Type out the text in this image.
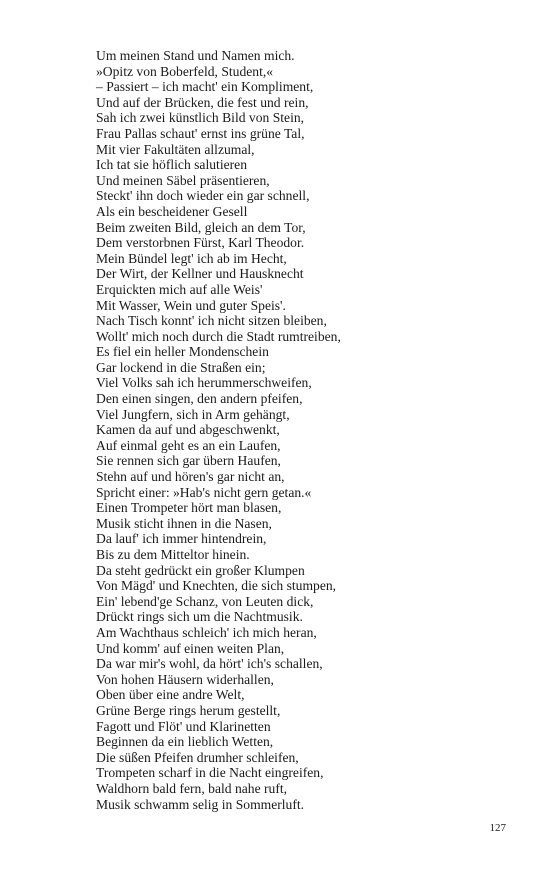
Um meinen Stand und Namen mich.
»Opitz von Boberfeld, Student,«
– Passiert – ich macht' ein Kompliment,
Und auf der Brücken, die fest und rein,
Sah ich zwei künstlich Bild von Stein,
Frau Pallas schaut' ernst ins grüne Tal,
Mit vier Fakultäten allzumal,
Ich tat sie höflich salutieren
Und meinen Säbel präsentieren,
Steckt' ihn doch wieder ein gar schnell,
Als ein bescheidener Gesell
Beim zweiten Bild, gleich an dem Tor,
Dem verstorbnen Fürst, Karl Theodor.
Mein Bündel legt' ich ab im Hecht,
Der Wirt, der Kellner und Hausknecht
Erquickten mich auf alle Weis'
Mit Wasser, Wein und guter Speis'.
Nach Tisch konnt' ich nicht sitzen bleiben,
Wollt' mich noch durch die Stadt rumtreiben,
Es fiel ein heller Mondenschein
Gar lockend in die Straßen ein;
Viel Volks sah ich herummerschweifen,
Den einen singen, den andern pfeifen,
Viel Jungfern, sich in Arm gehängt,
Kamen da auf und abgeschwenkt,
Auf einmal geht es an ein Laufen,
Sie rennen sich gar übern Haufen,
Stehn auf und hören's gar nicht an,
Spricht einer: »Hab's nicht gern getan.«
Einen Trompeter hört man blasen,
Musik sticht ihnen in die Nasen,
Da lauf' ich immer hintendrein,
Bis zu dem Mitteltor hinein.
Da steht gedrückt ein großer Klumpen
Von Mägd' und Knechten, die sich stumpen,
Ein' lebend'ge Schanz, von Leuten dick,
Drückt rings sich um die Nachtmusik.
Am Wachthaus schleich' ich mich heran,
Und komm' auf einen weiten Plan,
Da war mir's wohl, da hört' ich's schallen,
Von hohen Häusern widerhallen,
Oben über eine andre Welt,
Grüne Berge rings herum gestellt,
Fagott und Flöt' und Klarinetten
Beginnen da ein lieblich Wetten,
Die süßen Pfeifen drumher schleifen,
Trompeten scharf in die Nacht eingreifen,
Waldhorn bald fern, bald nahe ruft,
Musik schwamm selig in Sommerluft.
127
